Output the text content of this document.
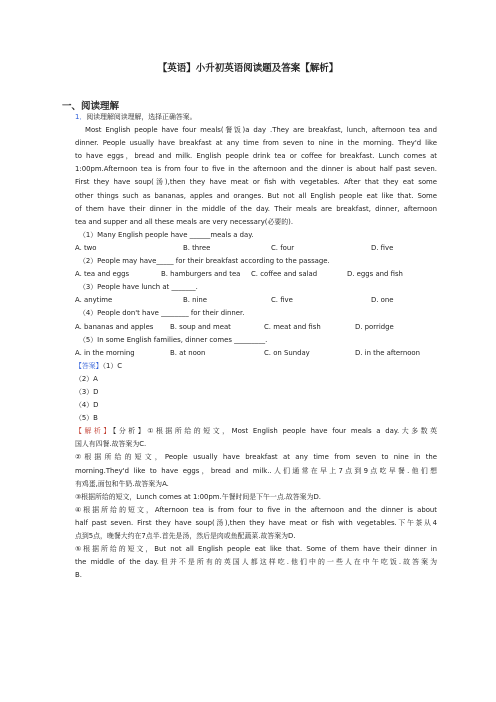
【英语】小升初英语阅读题及答案【解析】
一、阅读理解
1．阅读理解阅读理解，选择正确答案。
Most English people have four meals(餐饭)a day .They are breakfast, lunch, afternoon tea and
dinner. People usually have breakfast at any time from seven to nine in the morning. They'd like
to have eggs，bread and milk. English people drink tea or coffee for breakfast. Lunch comes at
1:00pm.Afternoon tea is from four to five in the afternoon and the dinner is about half past seven.
First they have soup(汤),then they have meat or fish with vegetables. After that they eat some
other things such as bananas, apples and oranges. But not all English people eat like that. Some
of them have their dinner in the middle of the day. Their meals are breakfast, dinner, afternoon
tea and supper and all these meals are very necessary(必要的).
（1）Many English people have ______meals a day.
A. two	B. three	C. four	D. five
（2）People may have_____ for their breakfast according to the passage.
A. tea and eggs	B. hamburgers and tea	C. coffee and salad	D. eggs and fish
（3）People have lunch at _______.
A. anytime	B. nine	C. five	D. one
（4）People don't have ________ for their dinner.
A. bananas and apples	B. soup and meat	C. meat and fish	D. porridge
（5）In some English families, dinner comes _________.
A. in the morning	B. at noon	C. on Sunday	D. in the afternoon
【答案】（1）C
（2）A
（3）D
（4）D
（5）B
【解析】【分析】①根据所给的短文，Most English people have four meals a day.大多数英
国人有四餐.故答案为C.
②根据所给的短文，People usually have breakfast at any time from seven to nine in the
morning.They'd like to have eggs，bread and milk..人们通常在早上7点到9点吃早餐.他们想
有鸡蛋,面包和牛奶.故答案为A.
③根据所给的短文，Lunch comes at 1:00pm.午餐时间是下午一点.故答案为D.
④根据所给的短文，Afternoon tea is from four to five in the afternoon and the dinner is about
half past seven. First they have soup(汤),then they have meat or fish with vegetables.下午茶从4
点到5点，晚餐大约在7点半.首先是汤，然后是肉或鱼配蔬菜.故答案为D.
⑤根据所给的短文，But not all English people eat like that. Some of them have their dinner in
the middle of the day.但并不是所有的英国人都这样吃.他们中的一些人在中午吃饭.故答案为
B.
